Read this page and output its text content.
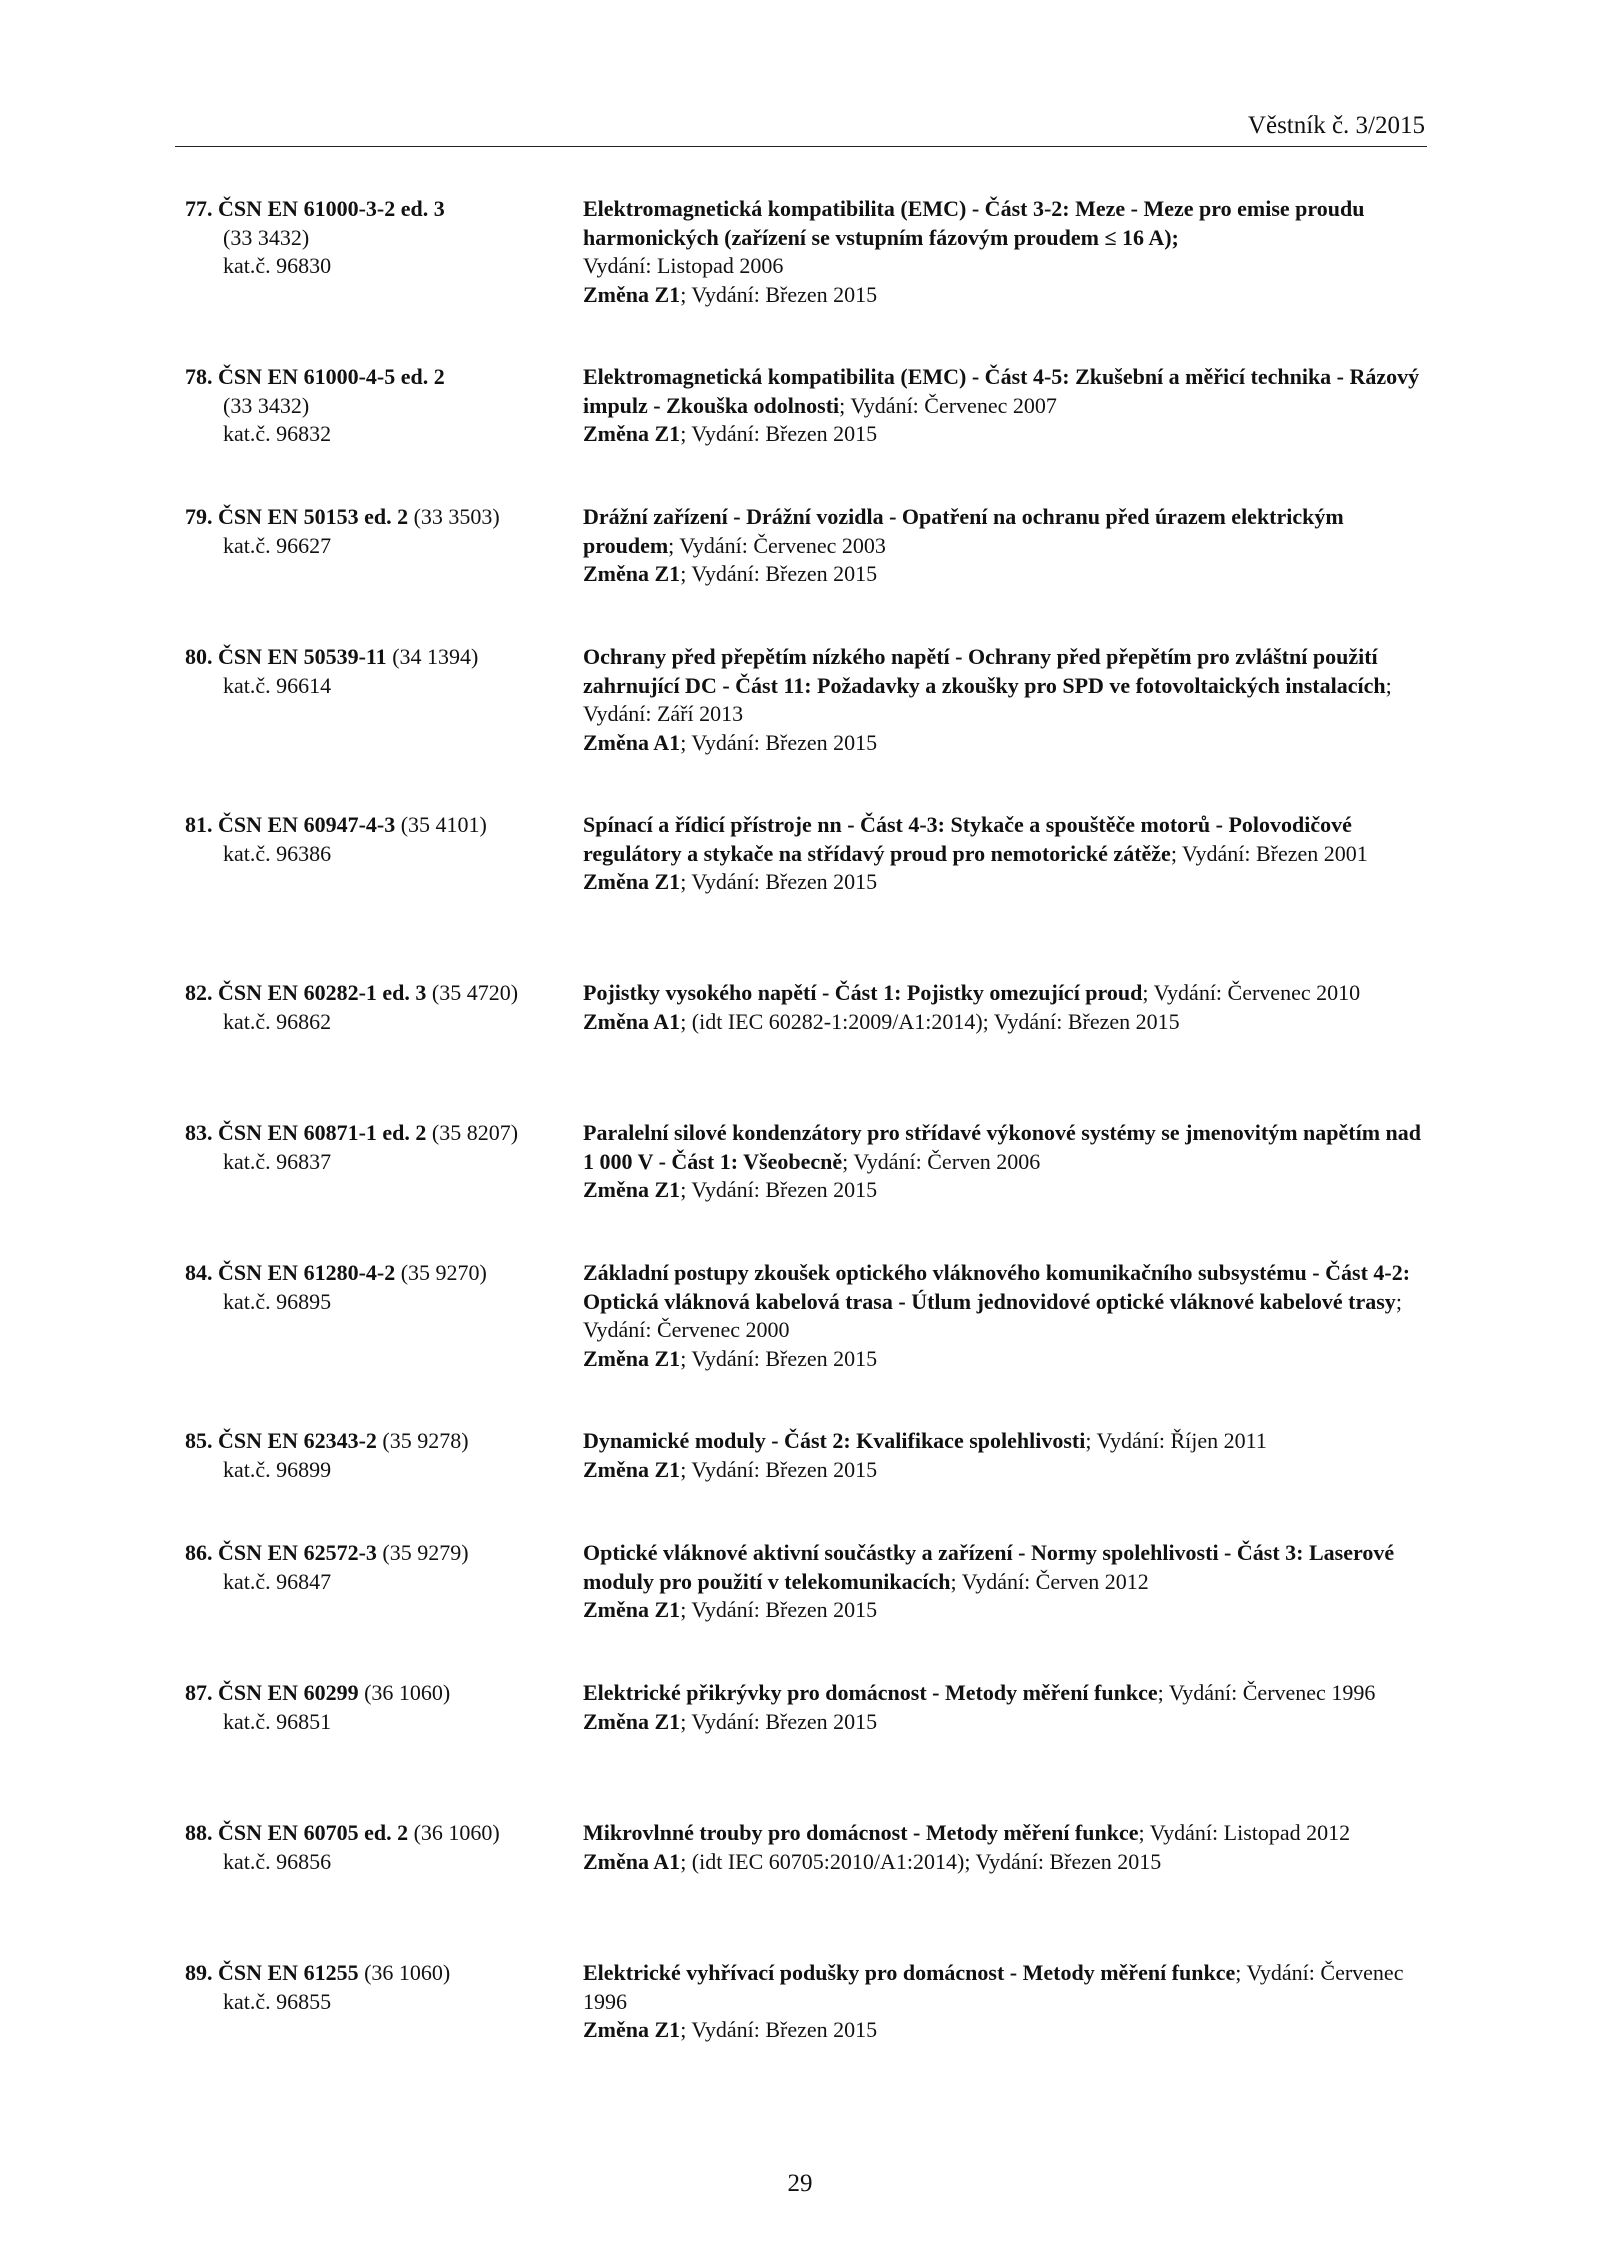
Věstník č. 3/2015
77. ČSN EN 61000-3-2 ed. 3
(33 3432)
kat.č. 96830
Elektromagnetická kompatibilita (EMC) - Část 3-2: Meze - Meze pro emise proudu harmonických (zařízení se vstupním fázovým proudem ≤ 16 A);
Vydání: Listopad 2006
Změna Z1; Vydání: Březen 2015
78. ČSN EN 61000-4-5 ed. 2
(33 3432)
kat.č. 96832
Elektromagnetická kompatibilita (EMC) - Část 4-5: Zkušební a měřicí technika - Rázový impulz - Zkouška odolnosti; Vydání: Červenec 2007
Změna Z1; Vydání: Březen 2015
79. ČSN EN 50153 ed. 2 (33 3503)
kat.č. 96627
Drážní zařízení - Drážní vozidla - Opatření na ochranu před úrazem elektrickým proudem; Vydání: Červenec 2003
Změna Z1; Vydání: Březen 2015
80. ČSN EN 50539-11 (34 1394)
kat.č. 96614
Ochrany před přepětím nízkého napětí - Ochrany před přepětím pro zvláštní použití zahrnující DC - Část 11: Požadavky a zkoušky pro SPD ve fotovoltaických instalacích; Vydání: Září 2013
Změna A1; Vydání: Březen 2015
81. ČSN EN 60947-4-3 (35 4101)
kat.č. 96386
Spínací a řídicí přístroje nn - Část 4-3: Stykače a spouštěče motorů - Polovodičové regulátory a stykače na střídavý proud pro nemotorické zátěže; Vydání: Březen 2001
Změna Z1; Vydání: Březen 2015
82. ČSN EN 60282-1 ed. 3 (35 4720)
kat.č. 96862
Pojistky vysokého napětí - Část 1: Pojistky omezující proud; Vydání: Červenec 2010
Změna A1; (idt IEC 60282-1:2009/A1:2014); Vydání: Březen 2015
83. ČSN EN 60871-1 ed. 2 (35 8207)
kat.č. 96837
Paralelní silové kondenzátory pro střídavé výkonové systémy se jmenovitým napětím nad 1 000 V - Část 1: Všeobecně; Vydání: Červen 2006
Změna Z1; Vydání: Březen 2015
84. ČSN EN 61280-4-2 (35 9270)
kat.č. 96895
Základní postupy zkoušek optického vláknového komunikačního subsystému - Část 4-2: Optická vláknová kabelová trasa - Útlum jednovidové optické vláknové kabelové trasy; Vydání: Červenec 2000
Změna Z1; Vydání: Březen 2015
85. ČSN EN 62343-2 (35 9278)
kat.č. 96899
Dynamické moduly - Část 2: Kvalifikace spolehlivosti; Vydání: Říjen 2011
Změna Z1; Vydání: Březen 2015
86. ČSN EN 62572-3 (35 9279)
kat.č. 96847
Optické vláknové aktivní součástky a zařízení - Normy spolehlivosti - Část 3: Laserové moduly pro použití v telekomunikacích; Vydání: Červen 2012
Změna Z1; Vydání: Březen 2015
87. ČSN EN 60299 (36 1060)
kat.č. 96851
Elektrické přikrývky pro domácnost - Metody měření funkce; Vydání: Červenec 1996
Změna Z1; Vydání: Březen 2015
88. ČSN EN 60705 ed. 2 (36 1060)
kat.č. 96856
Mikrovlnné trouby pro domácnost - Metody měření funkce; Vydání: Listopad 2012
Změna A1; (idt IEC 60705:2010/A1:2014); Vydání: Březen 2015
89. ČSN EN 61255 (36 1060)
kat.č. 96855
Elektrické vyhřívací podušky pro domácnost - Metody měření funkce; Vydání: Červenec 1996
Změna Z1; Vydání: Březen 2015
29
